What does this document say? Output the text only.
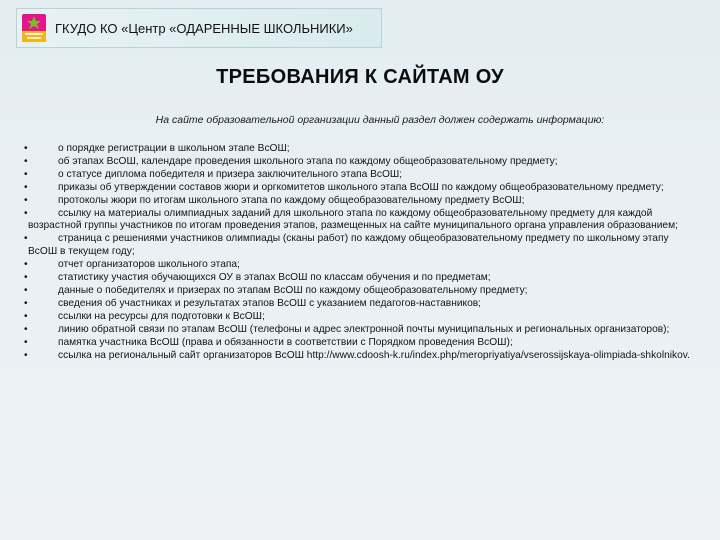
ГКУДО КО «Центр «ОДАРЕННЫЕ ШКОЛЬНИКИ»
ТРЕБОВАНИЯ К САЙТАМ ОУ
На сайте образовательной организации данный раздел должен содержать информацию:

•	о порядке регистрации в школьном этапе ВсОШ;

•	об этапах ВсОШ, календаре проведения школьного этапа по каждому общеобразовательному предмету;

•	о статусе диплома победителя и призера заключительного этапа ВсОШ;

•	приказы об утверждении составов жюри и оргкомитетов школьного этапа ВсОШ по каждому общеобразовательному предмету;

•	протоколы жюри по итогам школьного этапа по каждому общеобразовательному предмету ВсОШ;

•	ссылку на материалы олимпиадных заданий для школьного этапа по каждому общеобразовательному предмету для каждой возрастной группы участников по итогам проведения этапов, размещенных на сайте муниципального органа управления образованием;

•	страница с решениями участников олимпиады (сканы работ) по каждому общеобразовательному предмету по школьному этапу ВсОШ в текущем году;

•	отчет организаторов школьного этапа;

•	статистику участия обучающихся ОУ в этапах ВсОШ по классам обучения и по предметам;

•	данные о победителях и призерах по этапам ВсОШ по каждому общеобразовательному предмету;

•	сведения об участниках и результатах этапов ВсОШ с указанием педагогов-наставников;

•	ссылки на ресурсы для подготовки к ВсОШ;

•	линию обратной связи по этапам ВсОШ (телефоны и адрес электронной почты муниципальных и региональных организаторов);

•	памятка участника ВсОШ (права и обязанности в соответствии с Порядком проведения ВсОШ);

•	ссылка на региональный сайт организаторов ВсОШ http://www.cdoosh-k.ru/index.php/meropriyatiya/vserossijskaya-olimpiada-shkolnikov.
